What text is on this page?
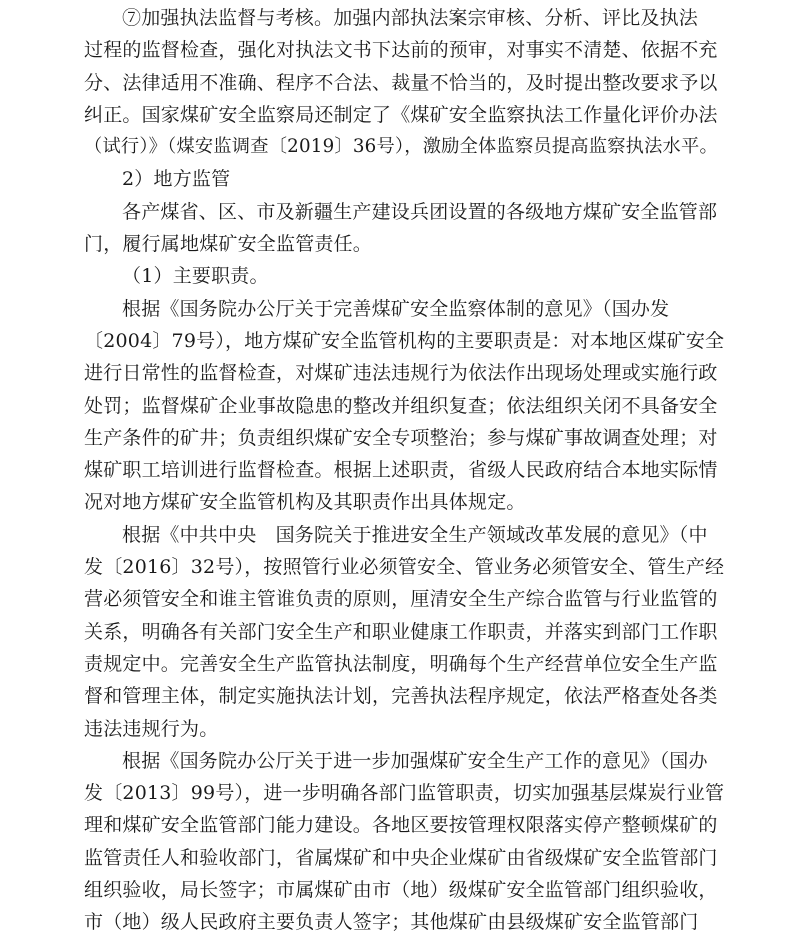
⑦加强执法监督与考核。加强内部执法案宗审核、分析、评比及执法
过程的监督检查，强化对执法文书下达前的预审，对事实不清楚、依据不充
分、法律适用不准确、程序不合法、裁量不恰当的，及时提出整改要求予以
纠正。国家煤矿安全监察局还制定了《煤矿安全监察执法工作量化评价办法
（试行）》（煤安监调查〔2019〕36号），激励全体监察员提高监察执法水平。
2）地方监管
各产煤省、区、市及新疆生产建设兵团设置的各级地方煤矿安全监管部
门，履行属地煤矿安全监管责任。
（1）主要职责。
根据《国务院办公厅关于完善煤矿安全监察体制的意见》（国办发
〔2004〕79号），地方煤矿安全监管机构的主要职责是：对本地区煤矿安全
进行日常性的监督检查，对煤矿违法违规行为依法作出现场处理或实施行政
处罚；监督煤矿企业事故隐患的整改并组织复查；依法组织关闭不具备安全
生产条件的矿井；负责组织煤矿安全专项整治；参与煤矿事故调查处理；对
煤矿职工培训进行监督检查。根据上述职责，省级人民政府结合本地实际情
况对地方煤矿安全监管机构及其职责作出具体规定。
根据《中共中央　国务院关于推进安全生产领域改革发展的意见》（中
发〔2016〕32号），按照管行业必须管安全、管业务必须管安全、管生产经
营必须管安全和谁主管谁负责的原则，厘清安全生产综合监管与行业监管的
关系，明确各有关部门安全生产和职业健康工作职责，并落实到部门工作职
责规定中。完善安全生产监管执法制度，明确每个生产经营单位安全生产监
督和管理主体，制定实施执法计划，完善执法程序规定，依法严格查处各类
违法违规行为。
根据《国务院办公厅关于进一步加强煤矿安全生产工作的意见》（国办
发〔2013〕99号），进一步明确各部门监管职责，切实加强基层煤炭行业管
理和煤矿安全监管部门能力建设。各地区要按管理权限落实停产整顿煤矿的
监管责任人和验收部门，省属煤矿和中央企业煤矿由省级煤矿安全监管部门
组织验收，局长签字；市属煤矿由市（地）级煤矿安全监管部门组织验收，
市（地）级人民政府主要负责人签字；其他煤矿由县级煤矿安全监管部门
